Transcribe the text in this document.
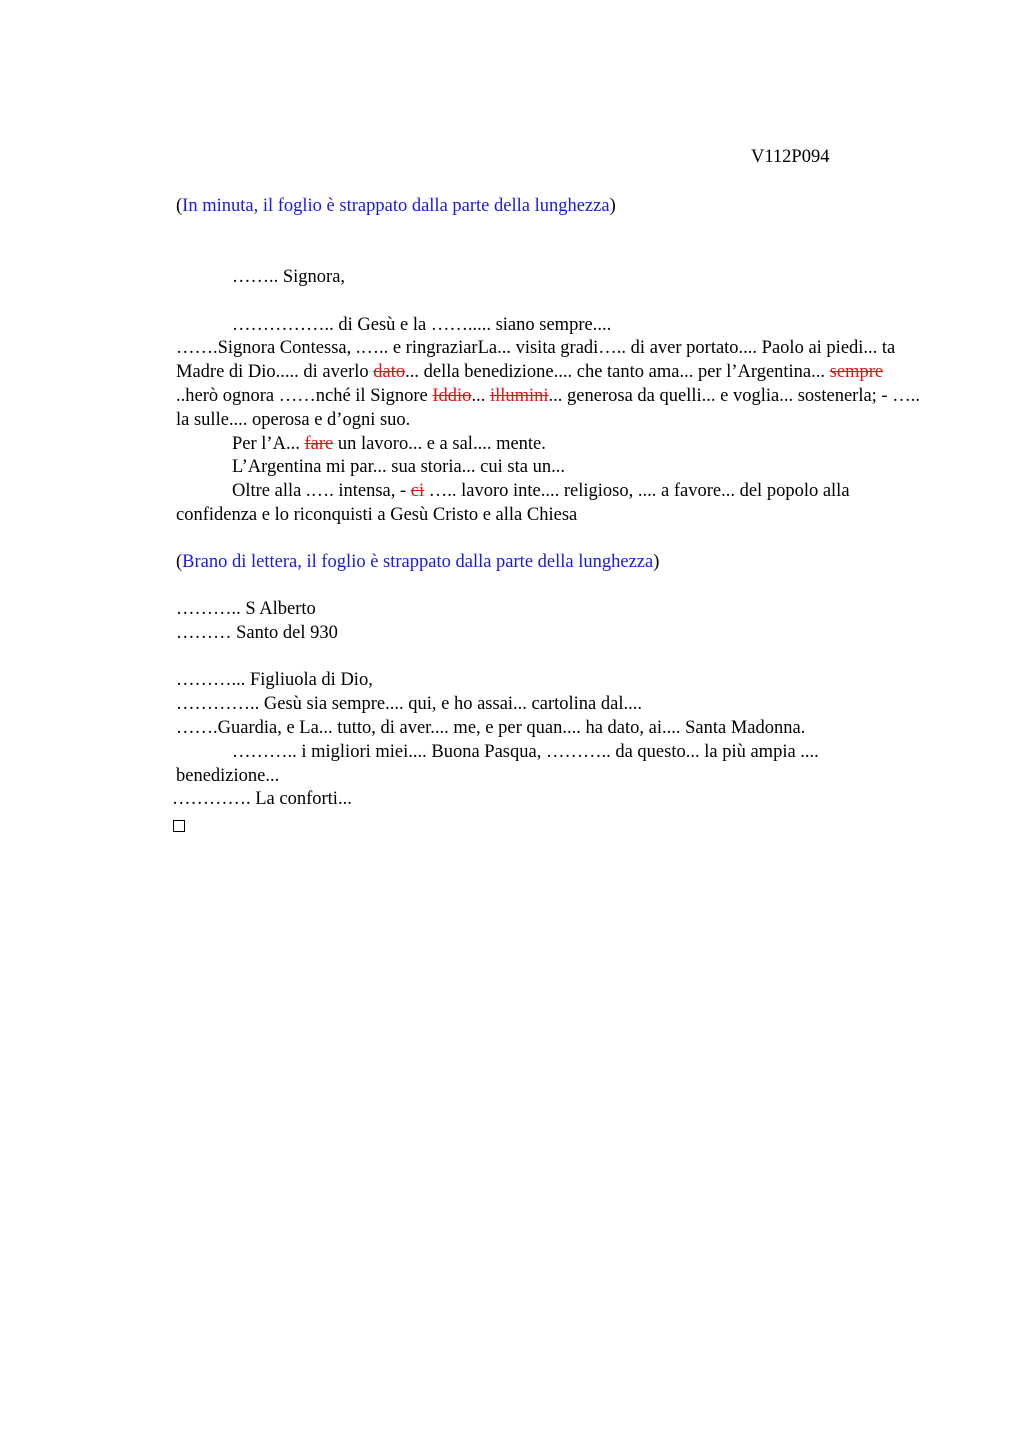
V112P094

(In minuta, il foglio è strappato dalla parte della lunghezza)

…….. Signora,

…………….. di Gesù e la ……..... siano sempre....

…….Signora Contessa, .….. e ringraziarLa... visita gradi….. di aver portato.... Paolo ai piedi... ta Madre di Dio..... di averlo dato... della benedizione.... che tanto ama... per l’Argentina... sempre ..herò ognora ……nché il Signore Iddio... illumini... generosa da quelli... e voglia... sostenerla; - ….. la sulle.... operosa e d’ogni suo.

Per l’A... fare un lavoro... e a sal.... mente.

L’Argentina mi par... sua storia... cui sta un...

Oltre alla .…. intensa, - ci ….. lavoro inte.... religioso, .... a favore... del popolo alla confidenza e lo riconquisti a Gesù Cristo e alla Chiesa

(Brano di lettera, il foglio è strappato dalla parte della lunghezza)

……….. S Alberto

……… Santo del 930

………... Figliuola di Dio,

………….. Gesù sia sempre.... qui, e ho assai... cartolina dal....

…….Guardia, e La... tutto, di aver.... me, e per quan.... ha dato, ai.... Santa Madonna.

……….. i migliori miei.... Buona Pasqua, ……….. da questo... la più ampia .... benedizione...

…………. La conforti...
